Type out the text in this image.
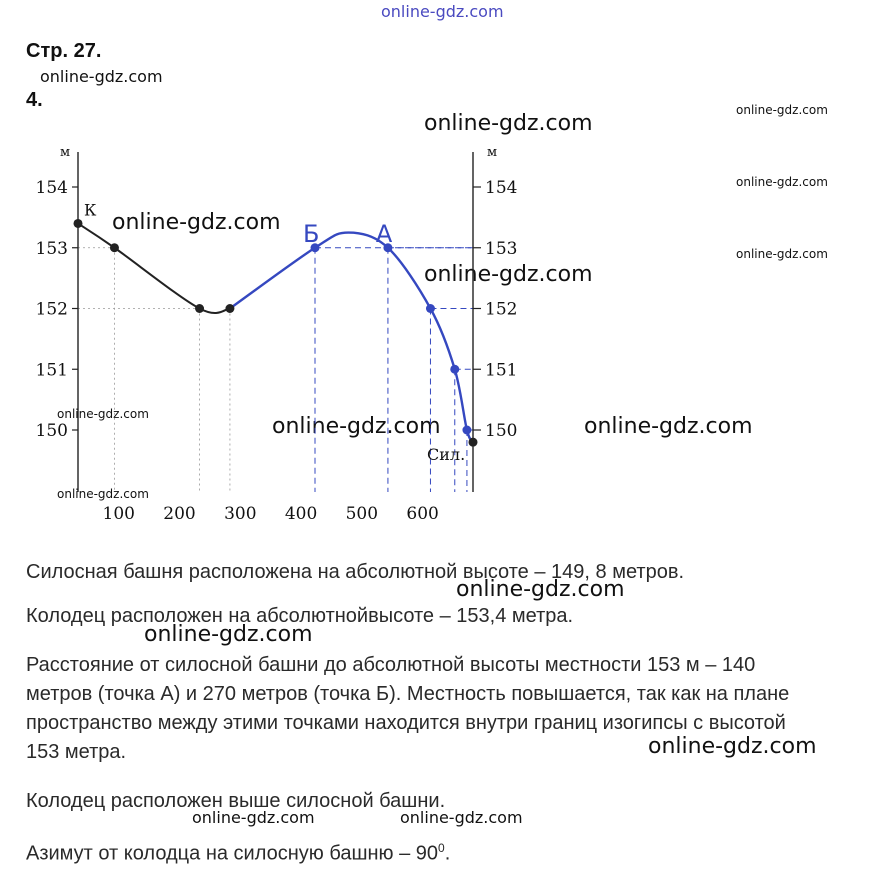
online-gdz.com
online-gdz.com
online-gdz.com
online-gdz.com
online-gdz.com
online-gdz.com
online-gdz.com
online-gdz.com
online-gdz.com	online-gdz.com	online-gdz.com
online-gdz.com
online-gdz.com
online-gdz.com
online-gdz.com
online-gdz.com	online-gdz.com
Стр. 27.
4.
м	м
154	154
153	153
152	152
151	151
150	150
100 200 300 400 500 600
К
Б А
Сил.
Силосная башня расположена на абсолютной высоте – 149, 8 метров.
Колодец расположен на абсолютнойвысоте – 153,4 метра.
Расстояние от силосной башни до абсолютной высоты местности 153 м – 140
метров (точка А) и 270 метров (точка Б). Местность повышается, так как на плане
пространство между этими точками находится внутри границ изогипсы с высотой
153 метра.
Колодец расположен выше силосной башни.
Азимут от колодца на силосную башню – $90^0$.
